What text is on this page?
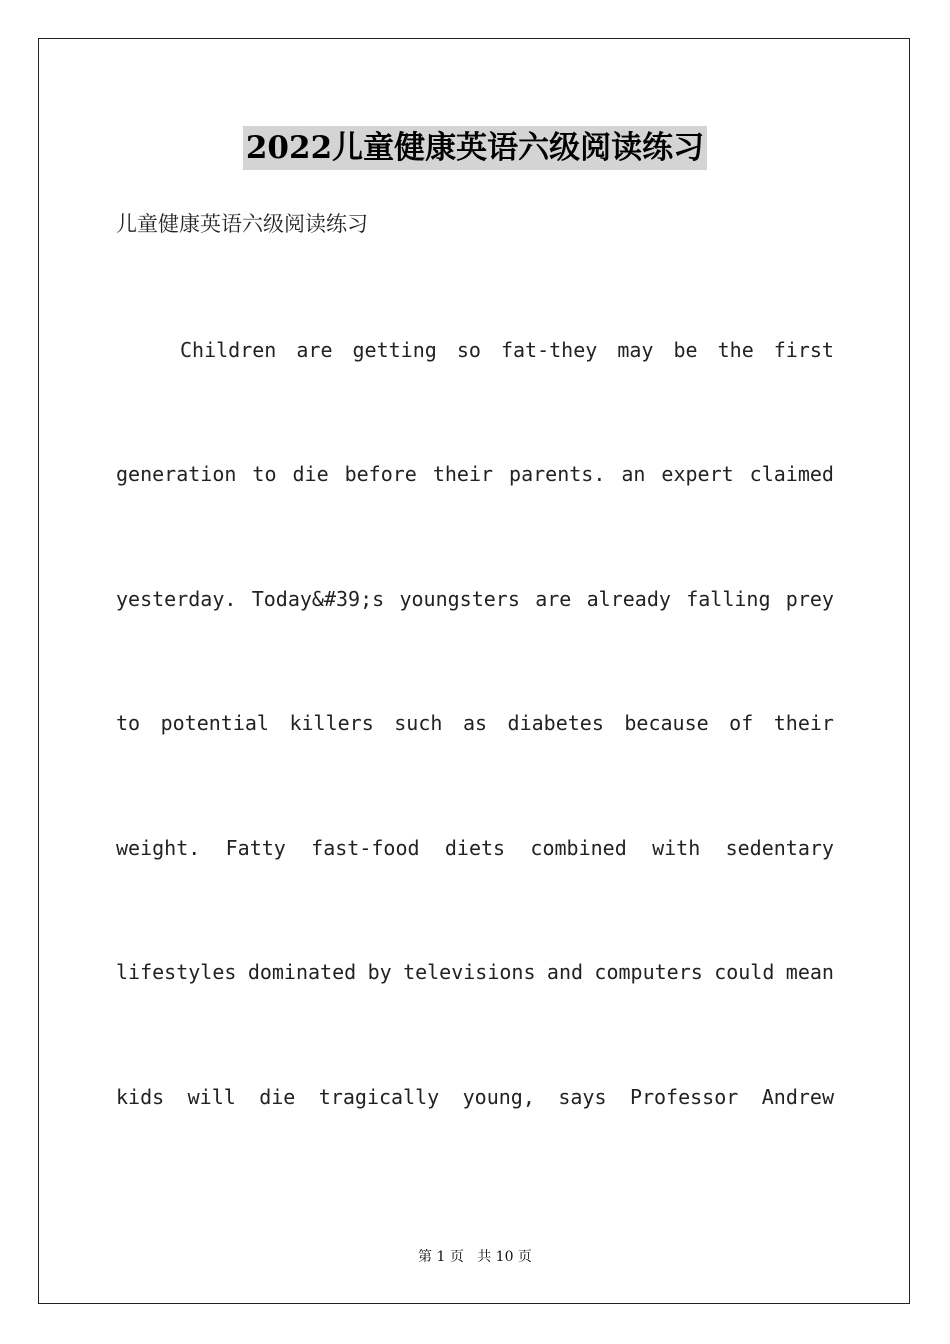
2022儿童健康英语六级阅读练习
儿童健康英语六级阅读练习
Children are getting so fat-they may be the first
generation to die before their parents. an expert claimed
yesterday. Today&#39;s youngsters are already falling prey
to potential killers such as diabetes because of their
weight. Fatty fast-food diets combined with sedentary
lifestyles dominated by televisions and computers could mean
kids will die tragically young, says Professor Andrew
第 1 页 共 10 页
